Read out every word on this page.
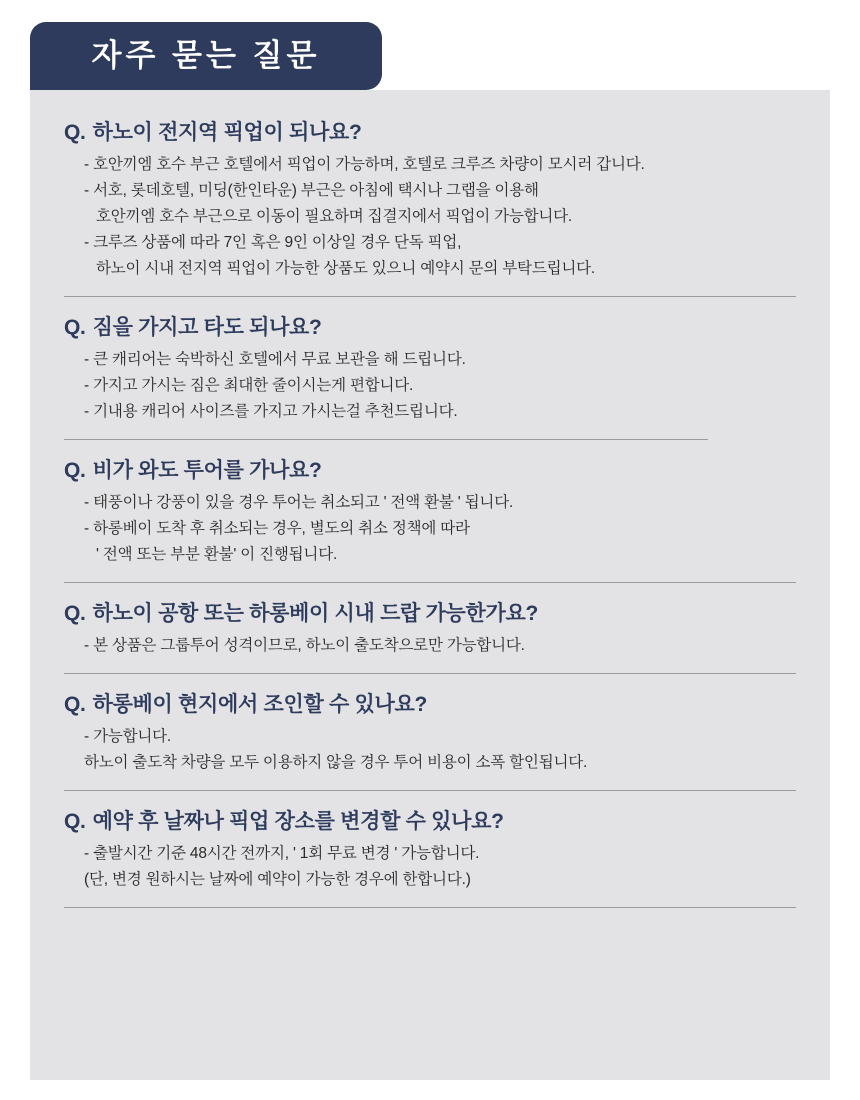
자주 묻는 질문
Q. 하노이 전지역 픽업이 되나요?
- 호안끼엠 호수 부근 호텔에서 픽업이 가능하며, 호텔로 크루즈 차량이 모시러 갑니다.
- 서호, 롯데호텔, 미딩(한인타운) 부근은 아침에 택시나 그랩을 이용해
호안끼엠 호수 부근으로 이동이 필요하며 집결지에서 픽업이 가능합니다.
- 크루즈 상품에 따라 7인 혹은 9인 이상일 경우 단독 픽업,
하노이 시내 전지역 픽업이 가능한 상품도 있으니 예약시 문의 부탁드립니다.
Q. 짐을 가지고 타도 되나요?
- 큰 캐리어는 숙박하신 호텔에서 무료 보관을 해 드립니다.
- 가지고 가시는 짐은 최대한 줄이시는게 편합니다.
- 기내용 캐리어 사이즈를 가지고 가시는걸 추천드립니다.
Q. 비가 와도 투어를 가나요?
- 태풍이나 강풍이 있을 경우 투어는 취소되고 ' 전액 환불 ' 됩니다.
- 하롱베이 도착 후 취소되는 경우, 별도의 취소 정책에 따라
' 전액 또는 부분 환불' 이 진행됩니다.
Q. 하노이 공항 또는 하롱베이 시내 드랍 가능한가요?
- 본 상품은 그룹투어 성격이므로, 하노이 출도착으로만 가능합니다.
Q. 하롱베이 현지에서 조인할 수 있나요?
- 가능합니다.
하노이 출도착 차량을 모두 이용하지 않을 경우 투어 비용이 소폭 할인됩니다.
Q. 예약 후 날짜나 픽업 장소를 변경할 수 있나요?
- 출발시간 기준 48시간 전까지, ' 1회 무료 변경 ' 가능합니다.
(단, 변경 원하시는 날짜에 예약이 가능한 경우에 한합니다.)
